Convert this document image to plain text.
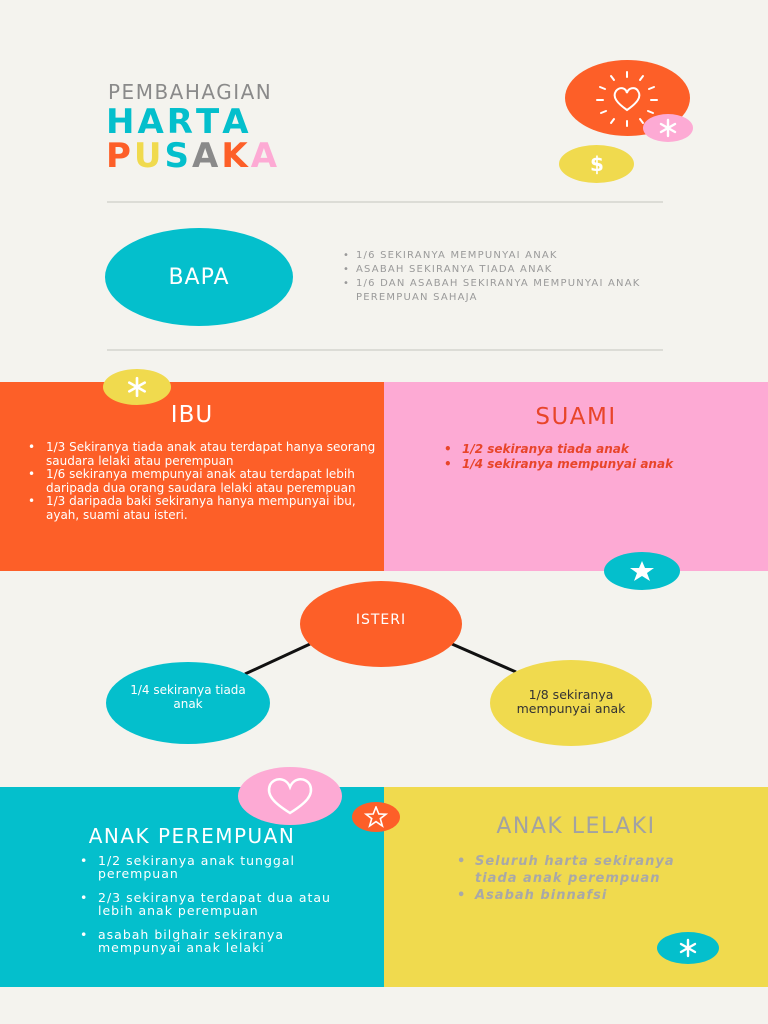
PEMBAHAGIAN
HARTA
PUSAKA	$
BAPA
• 1/6 SEKIRANYA MEMPUNYAI ANAK
• ASABAH SEKIRANYA TIADA ANAK
• 1/6 DAN ASABAH SEKIRANYA MEMPUNYAI ANAK PEREMPUAN SAHAJA
IBU
• 1/3 Sekiranya tiada anak atau terdapat hanya seorang saudara lelaki atau perempuan
• 1/6 sekiranya mempunyai anak atau terdapat lebih daripada dua orang saudara lelaki atau perempuan
• 1/3 daripada baki sekiranya hanya mempunyai ibu, ayah, suami atau isteri.
SUAMI
• 1/2 sekiranya tiada anak
• 1/4 sekiranya mempunyai anak
ISTERI
1/4 sekiranya tiada anak
1/8 sekiranya mempunyai anak
ANAK PEREMPUAN
• 1/2 sekiranya anak tunggal perempuan
• 2/3 sekiranya terdapat dua atau lebih anak perempuan
• asabah bilghair sekiranya mempunyai anak lelaki
ANAK LELAKI
• Seluruh harta sekiranya tiada anak perempuan
• Asabah binnafsi
